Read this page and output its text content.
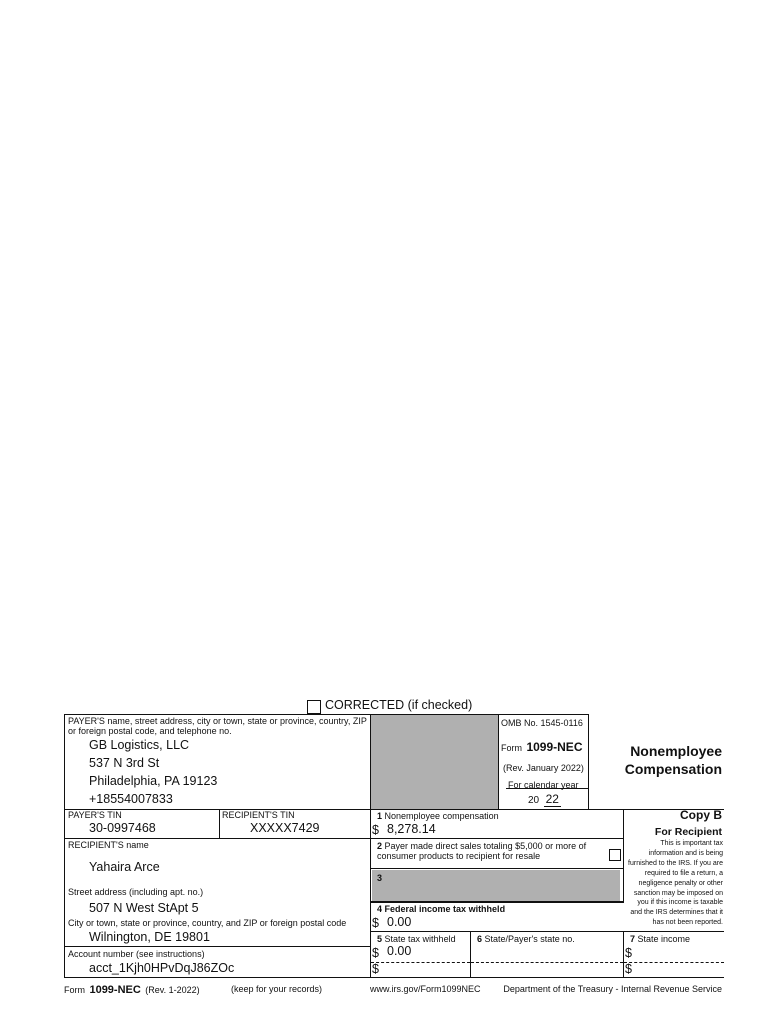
CORRECTED (if checked)
PAYER'S name, street address, city or town, state or province, country, ZIP or foreign postal code, and telephone no.
GB Logistics, LLC
537 N 3rd St
Philadelphia, PA 19123
+18554007833
OMB No. 1545-0116
Form 1099-NEC
(Rev. January 2022)
For calendar year
20 22
Nonemployee
Compensation
PAYER'S TIN
30-0997468
RECIPIENT'S TIN
XXXXX7429
1 Nonemployee compensation
$ 8,278.14
Copy B
For Recipient
This is important tax information and is being furnished to the IRS. If you are required to file a return, a negligence penalty or other sanction may be imposed on you if this income is taxable and the IRS determines that it has not been reported.
RECIPIENT'S name
Yahaira Arce
Street address (including apt. no.)
507 N West StApt 5
City or town, state or province, country, and ZIP or foreign postal code
Wilnington, DE 19801
2 Payer made direct sales totaling $5,000 or more of consumer products to recipient for resale
3
4 Federal income tax withheld
$ 0.00
Account number (see instructions)
acct_1Kjh0HPvDqJ86ZOc
5 State tax withheld
$ 0.00
$
6 State/Payer's state no.	7 State income
$
$
Form 1099-NEC (Rev. 1-2022)	(keep for your records)	www.irs.gov/Form1099NEC	Department of the Treasury - Internal Revenue Service
